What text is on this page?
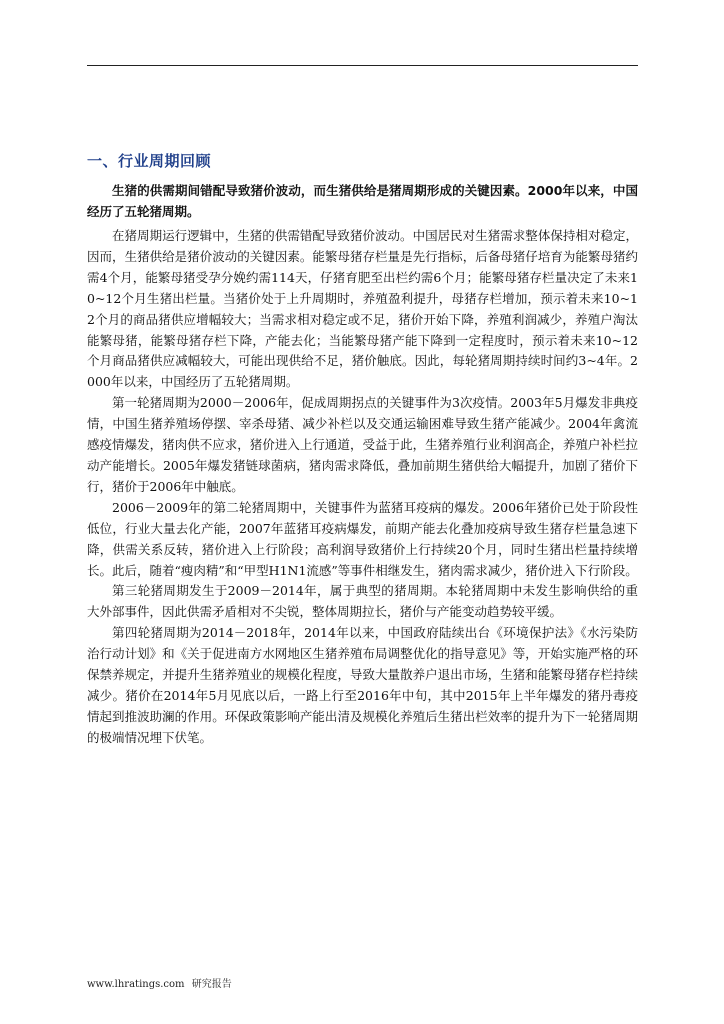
一、行业周期回顾

生猪的供需期间错配导致猪价波动，而生猪供给是猪周期形成的关键因素。2000年以来，中国经历了五轮猪周期。

在猪周期运行逻辑中，生猪的供需错配导致猪价波动。中国居民对生猪需求整体保持相对稳定，因而，生猪供给是猪价波动的关键因素。能繁母猪存栏量是先行指标，后备母猪仔培育为能繁母猪约需4个月，能繁母猪受孕分娩约需114天，仔猪育肥至出栏约需6个月；能繁母猪存栏量决定了未来10~12个月生猪出栏量。当猪价处于上升周期时，养殖盈利提升，母猪存栏增加，预示着未来10~12个月的商品猪供应增幅较大；当需求相对稳定或不足，猪价开始下降，养殖利润减少，养殖户淘汰能繁母猪，能繁母猪存栏下降，产能去化；当能繁母猪产能下降到一定程度时，预示着未来10~12个月商品猪供应减幅较大，可能出现供给不足，猪价触底。因此，每轮猪周期持续时间约3~4年。2000年以来，中国经历了五轮猪周期。

第一轮猪周期为2000－2006年，促成周期拐点的关键事件为3次疫情。2003年5月爆发非典疫情，中国生猪养殖场停摆、宰杀母猪、减少补栏以及交通运输困难导致生猪产能减少。2004年禽流感疫情爆发，猪肉供不应求，猪价进入上行通道，受益于此，生猪养殖行业利润高企，养殖户补栏拉动产能增长。2005年爆发猪链球菌病，猪肉需求降低，叠加前期生猪供给大幅提升，加剧了猪价下行，猪价于2006年中触底。

2006－2009年的第二轮猪周期中，关键事件为蓝猪耳疫病的爆发。2006年猪价已处于阶段性低位，行业大量去化产能，2007年蓝猪耳疫病爆发，前期产能去化叠加疫病导致生猪存栏量急速下降，供需关系反转，猪价进入上行阶段；高利润导致猪价上行持续20个月，同时生猪出栏量持续增长。此后，随着“瘦肉精”和“甲型H1N1流感”等事件相继发生，猪肉需求减少，猪价进入下行阶段。

第三轮猪周期发生于2009－2014年，属于典型的猪周期。本轮猪周期中未发生影响供给的重大外部事件，因此供需矛盾相对不尖锐，整体周期拉长，猪价与产能变动趋势较平缓。

第四轮猪周期为2014－2018年，2014年以来，中国政府陆续出台《环境保护法》《水污染防治行动计划》和《关于促进南方水网地区生猪养殖布局调整优化的指导意见》等，开始实施严格的环保禁养规定，并提升生猪养殖业的规模化程度，导致大量散养户退出市场，生猪和能繁母猪存栏持续减少。猪价在2014年5月见底以后，一路上行至2016年中旬，其中2015年上半年爆发的猪丹毒疫情起到推波助澜的作用。环保政策影响产能出清及规模化养殖后生猪出栏效率的提升为下一轮猪周期的极端情况埋下伏笔。

www.lhratings.com 研究报告
